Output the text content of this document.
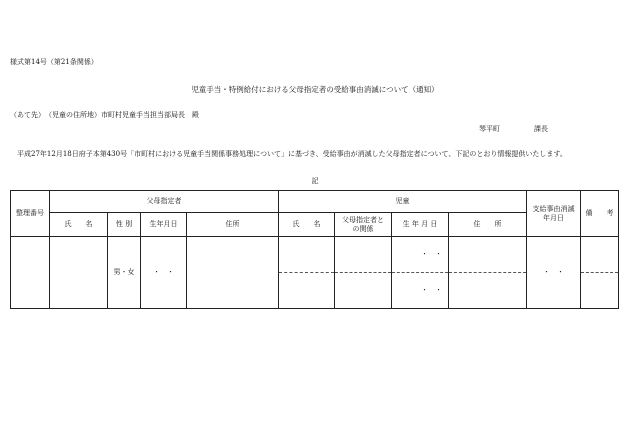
様式第14号（第21条関係）
児童手当・特例給付における父母指定者の受給事由消滅について（通知）
（あて先）　（児童の住所地）市町村児童手当担当部局長　殿
琴平町	課長
平成27年12月18日府子本第430号「市町村における児童手当関係事務処理について」に基づき、受給事由が消滅した父母指定者について、下記のとおり情報提供いたします。
記
整理番号	父母指定者				児童				支給事由消滅年月日	備　　考
	氏　　名	性 別	生年月日	住所	氏　　名	父母指定者との関係	生 年 月 日	住　　所		
		男・女	・　・				・　・		・　・	
							・　・			
